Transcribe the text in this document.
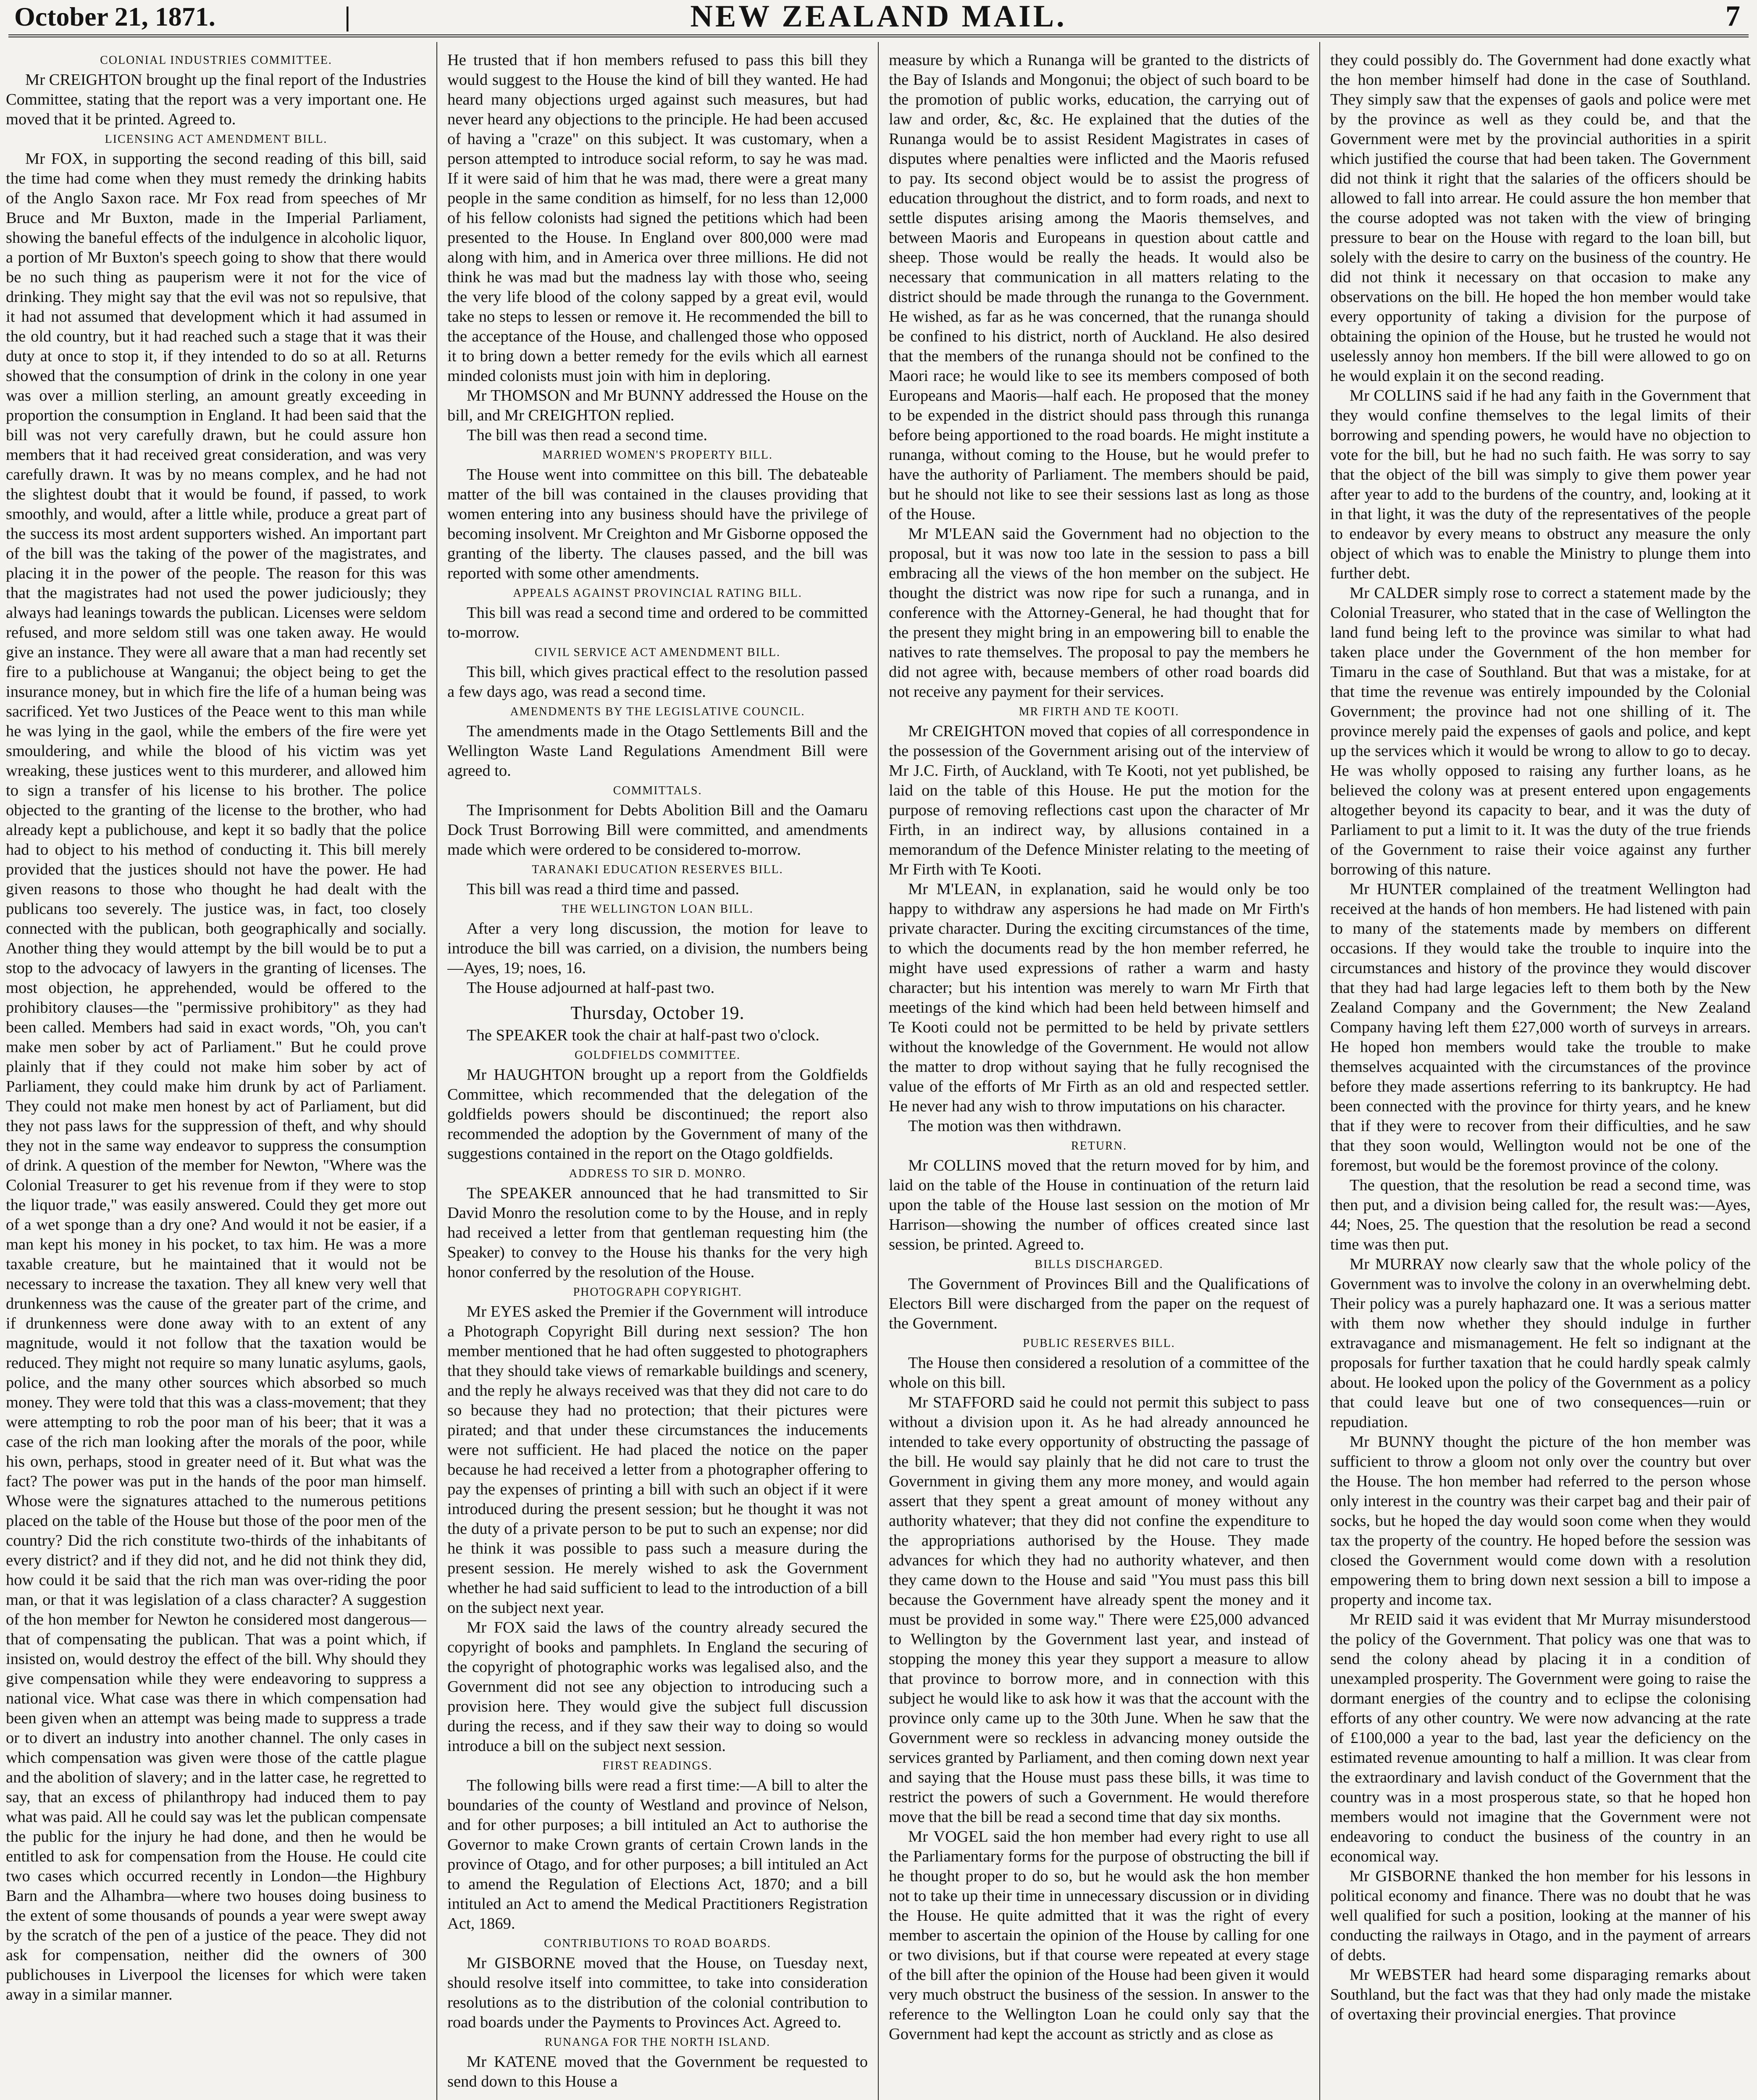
October 21, 1871.	|	NEW ZEALAND MAIL.	7
COLONIAL INDUSTRIES COMMITTEE.

Mr CREIGHTON brought up the final report of the Industries Committee, stating that the report was a very important one. He moved that it be printed. Agreed to.

LICENSING ACT AMENDMENT BILL.

Mr FOX, in supporting the second reading of this bill, said the time had come when they must remedy the drinking habits of the Anglo Saxon race. Mr Fox read from speeches of Mr Bruce and Mr Buxton, made in the Imperial Parliament, showing the baneful effects of the indulgence in alcoholic liquor, a portion of Mr Buxton's speech going to show that there would be no such thing as pauperism were it not for the vice of drinking. They might say that the evil was not so repulsive, that it had not assumed that development which it had assumed in the old country, but it had reached such a stage that it was their duty at once to stop it, if they intended to do so at all. Returns showed that the consumption of drink in the colony in one year was over a million sterling, an amount greatly exceeding in proportion the consumption in England. It had been said that the bill was not very carefully drawn, but he could assure hon members that it had received great consideration, and was very carefully drawn. It was by no means complex, and he had not the slightest doubt that it would be found, if passed, to work smoothly, and would, after a little while, produce a great part of the success its most ardent supporters wished. An important part of the bill was the taking of the power of the magistrates, and placing it in the power of the people. The reason for this was that the magistrates had not used the power judiciously; they always had leanings towards the publican. Licenses were seldom refused, and more seldom still was one taken away. He would give an instance. They were all aware that a man had recently set fire to a publichouse at Wanganui; the object being to get the insurance money, but in which fire the life of a human being was sacrificed. Yet two Justices of the Peace went to this man while he was lying in the gaol, while the embers of the fire were yet smouldering, and while the blood of his victim was yet wreaking, these justices went to this murderer, and allowed him to sign a transfer of his license to his brother. The police objected to the granting of the license to the brother, who had already kept a publichouse, and kept it so badly that the police had to object to his method of conducting it. This bill merely provided that the justices should not have the power. He had given reasons to those who thought he had dealt with the publicans too severely. The justice was, in fact, too closely connected with the publican, both geographically and socially. Another thing they would attempt by the bill would be to put a stop to the advocacy of lawyers in the granting of licenses. The most objection, he apprehended, would be offered to the prohibitory clauses—the "permissive prohibitory" as they had been called. Members had said in exact words, "Oh, you can't make men sober by act of Parliament." But he could prove plainly that if they could not make him sober by act of Parliament, they could make him drunk by act of Parliament. They could not make men honest by act of Parliament, but did they not pass laws for the suppression of theft, and why should they not in the same way endeavor to suppress the consumption of drink. A question of the member for Newton, "Where was the Colonial Treasurer to get his revenue from if they were to stop the liquor trade," was easily answered. Could they get more out of a wet sponge than a dry one? And would it not be easier, if a man kept his money in his pocket, to tax him. He was a more taxable creature, but he maintained that it would not be necessary to increase the taxation. They all knew very well that drunkenness was the cause of the greater part of the crime, and if drunkenness were done away with to an extent of any magnitude, would it not follow that the taxation would be reduced. They might not require so many lunatic asylums, gaols, police, and the many other sources which absorbed so much money. They were told that this was a class-movement; that they were attempting to rob the poor man of his beer; that it was a case of the rich man looking after the morals of the poor, while his own, perhaps, stood in greater need of it. But what was the fact? The power was put in the hands of the poor man himself. Whose were the signatures attached to the numerous petitions placed on the table of the House but those of the poor men of the country? Did the rich constitute two-thirds of the inhabitants of every district? and if they did not, and he did not think they did, how could it be said that the rich man was over-riding the poor man, or that it was legislation of a class character? A suggestion of the hon member for Newton he considered most dangerous—that of compensating the publican. That was a point which, if insisted on, would destroy the effect of the bill. Why should they give compensation while they were endeavoring to suppress a national vice. What case was there in which compensation had been given when an attempt was being made to suppress a trade or to divert an industry into another channel. The only cases in which compensation was given were those of the cattle plague and the abolition of slavery; and in the latter case, he regretted to say, that an excess of philanthropy had induced them to pay what was paid. All he could say was let the publican compensate the public for the injury he had done, and then he would be entitled to ask for compensation from the House. He could cite two cases which occurred recently in London—the Highbury Barn and the Alhambra—where two houses doing business to the extent of some thousands of pounds a year were swept away by the scratch of the pen of a justice of the peace. They did not ask for compensation, neither did the owners of 300 publichouses in Liverpool the licenses for which were taken away in a similar manner.

He trusted that if hon members refused to pass this bill they would suggest to the House the kind of bill they wanted. He had heard many objections urged against such measures, but had never heard any objections to the principle. He had been accused of having a "craze" on this subject. It was customary, when a person attempted to introduce social reform, to say he was mad. If it were said of him that he was mad, there were a great many people in the same condition as himself, for no less than 12,000 of his fellow colonists had signed the petitions which had been presented to the House. In England over 800,000 were mad along with him, and in America over three millions. He did not think he was mad but the madness lay with those who, seeing the very life blood of the colony sapped by a great evil, would take no steps to lessen or remove it. He recommended the bill to the acceptance of the House, and challenged those who opposed it to bring down a better remedy for the evils which all earnest minded colonists must join with him in deploring.

Mr THOMSON and Mr BUNNY addressed the House on the bill, and Mr CREIGHTON replied.

The bill was then read a second time.

MARRIED WOMEN'S PROPERTY BILL.

The House went into committee on this bill. The debateable matter of the bill was contained in the clauses providing that women entering into any business should have the privilege of becoming insolvent. Mr Creighton and Mr Gisborne opposed the granting of the liberty. The clauses passed, and the bill was reported with some other amendments.

APPEALS AGAINST PROVINCIAL RATING BILL.

This bill was read a second time and ordered to be committed to-morrow.

CIVIL SERVICE ACT AMENDMENT BILL.

This bill, which gives practical effect to the resolution passed a few days ago, was read a second time.

AMENDMENTS BY THE LEGISLATIVE COUNCIL.

The amendments made in the Otago Settlements Bill and the Wellington Waste Land Regulations Amendment Bill were agreed to.

COMMITTALS.

The Imprisonment for Debts Abolition Bill and the Oamaru Dock Trust Borrowing Bill were committed, and amendments made which were ordered to be considered to-morrow.

TARANAKI EDUCATION RESERVES BILL.

This bill was read a third time and passed.

THE WELLINGTON LOAN BILL.

After a very long discussion, the motion for leave to introduce the bill was carried, on a division, the numbers being—Ayes, 19; noes, 16.

The House adjourned at half-past two.

Thursday, October 19.

The SPEAKER took the chair at half-past two o'clock.

GOLDFIELDS COMMITTEE.

Mr HAUGHTON brought up a report from the Goldfields Committee, which recommended that the delegation of the goldfields powers should be discontinued; the report also recommended the adoption by the Government of many of the suggestions contained in the report on the Otago goldfields.

ADDRESS TO SIR D. MONRO.

The SPEAKER announced that he had transmitted to Sir David Monro the resolution come to by the House, and in reply had received a letter from that gentleman requesting him (the Speaker) to convey to the House his thanks for the very high honor conferred by the resolution of the House.

PHOTOGRAPH COPYRIGHT.

Mr EYES asked the Premier if the Government will introduce a Photograph Copyright Bill during next session? The hon member mentioned that he had often suggested to photographers that they should take views of remarkable buildings and scenery, and the reply he always received was that they did not care to do so because they had no protection; that their pictures were pirated; and that under these circumstances the inducements were not sufficient. He had placed the notice on the paper because he had received a letter from a photographer offering to pay the expenses of printing a bill with such an object if it were introduced during the present session; but he thought it was not the duty of a private person to be put to such an expense; nor did he think it was possible to pass such a measure during the present session. He merely wished to ask the Government whether he had said sufficient to lead to the introduction of a bill on the subject next year.

Mr FOX said the laws of the country already secured the copyright of books and pamphlets. In England the securing of the copyright of photographic works was legalised also, and the Government did not see any objection to introducing such a provision here. They would give the subject full discussion during the recess, and if they saw their way to doing so would introduce a bill on the subject next session.

FIRST READINGS.

The following bills were read a first time:—A bill to alter the boundaries of the county of Westland and province of Nelson, and for other purposes; a bill intituled an Act to authorise the Governor to make Crown grants of certain Crown lands in the province of Otago, and for other purposes; a bill intituled an Act to amend the Regulation of Elections Act, 1870; and a bill intituled an Act to amend the Medical Practitioners Registration Act, 1869.

CONTRIBUTIONS TO ROAD BOARDS.

Mr GISBORNE moved that the House, on Tuesday next, should resolve itself into committee, to take into consideration resolutions as to the distribution of the colonial contribution to road boards under the Payments to Provinces Act. Agreed to.

RUNANGA FOR THE NORTH ISLAND.

Mr KATENE moved that the Government be requested to send down to this House a

measure by which a Runanga will be granted to the districts of the Bay of Islands and Mongonui; the object of such board to be the promotion of public works, education, the carrying out of law and order, &c, &c. He explained that the duties of the Runanga would be to assist Resident Magistrates in cases of disputes where penalties were inflicted and the Maoris refused to pay. Its second object would be to assist the progress of education throughout the district, and to form roads, and next to settle disputes arising among the Maoris themselves, and between Maoris and Europeans in question about cattle and sheep. Those would be really the heads. It would also be necessary that communication in all matters relating to the district should be made through the runanga to the Government. He wished, as far as he was concerned, that the runanga should be confined to his district, north of Auckland. He also desired that the members of the runanga should not be confined to the Maori race; he would like to see its members composed of both Europeans and Maoris—half each. He proposed that the money to be expended in the district should pass through this runanga before being apportioned to the road boards. He might institute a runanga, without coming to the House, but he would prefer to have the authority of Parliament. The members should be paid, but he should not like to see their sessions last as long as those of the House.

Mr M'LEAN said the Government had no objection to the proposal, but it was now too late in the session to pass a bill embracing all the views of the hon member on the subject. He thought the district was now ripe for such a runanga, and in conference with the Attorney-General, he had thought that for the present they might bring in an empowering bill to enable the natives to rate themselves. The proposal to pay the members he did not agree with, because members of other road boards did not receive any payment for their services.

MR FIRTH AND TE KOOTI.

Mr CREIGHTON moved that copies of all correspondence in the possession of the Government arising out of the interview of Mr J.C. Firth, of Auckland, with Te Kooti, not yet published, be laid on the table of this House. He put the motion for the purpose of removing reflections cast upon the character of Mr Firth, in an indirect way, by allusions contained in a memorandum of the Defence Minister relating to the meeting of Mr Firth with Te Kooti.

Mr M'LEAN, in explanation, said he would only be too happy to withdraw any aspersions he had made on Mr Firth's private character. During the exciting circumstances of the time, to which the documents read by the hon member referred, he might have used expressions of rather a warm and hasty character; but his intention was merely to warn Mr Firth that meetings of the kind which had been held between himself and Te Kooti could not be permitted to be held by private settlers without the knowledge of the Government. He would not allow the matter to drop without saying that he fully recognised the value of the efforts of Mr Firth as an old and respected settler. He never had any wish to throw imputations on his character.

The motion was then withdrawn.

RETURN.

Mr COLLINS moved that the return moved for by him, and laid on the table of the House in continuation of the return laid upon the table of the House last session on the motion of Mr Harrison—showing the number of offices created since last session, be printed. Agreed to.

BILLS DISCHARGED.

The Government of Provinces Bill and the Qualifications of Electors Bill were discharged from the paper on the request of the Government.

PUBLIC RESERVES BILL.

The House then considered a resolution of a committee of the whole on this bill.

Mr STAFFORD said he could not permit this subject to pass without a division upon it. As he had already announced he intended to take every opportunity of obstructing the passage of the bill. He would say plainly that he did not care to trust the Government in giving them any more money, and would again assert that they spent a great amount of money without any authority whatever; that they did not confine the expenditure to the appropriations authorised by the House. They made advances for which they had no authority whatever, and then they came down to the House and said "You must pass this bill because the Government have already spent the money and it must be provided in some way." There were £25,000 advanced to Wellington by the Government last year, and instead of stopping the money this year they support a measure to allow that province to borrow more, and in connection with this subject he would like to ask how it was that the account with the province only came up to the 30th June. When he saw that the Government were so reckless in advancing money outside the services granted by Parliament, and then coming down next year and saying that the House must pass these bills, it was time to restrict the powers of such a Government. He would therefore move that the bill be read a second time that day six months.

Mr VOGEL said the hon member had every right to use all the Parliamentary forms for the purpose of obstructing the bill if he thought proper to do so, but he would ask the hon member not to take up their time in unnecessary discussion or in dividing the House. He quite admitted that it was the right of every member to ascertain the opinion of the House by calling for one or two divisions, but if that course were repeated at every stage of the bill after the opinion of the House had been given it would very much obstruct the business of the session. In answer to the reference to the Wellington Loan he could only say that the Government had kept the account as strictly and as close as

they could possibly do. The Government had done exactly what the hon member himself had done in the case of Southland. They simply saw that the expenses of gaols and police were met by the province as well as they could be, and that the Government were met by the provincial authorities in a spirit which justified the course that had been taken. The Government did not think it right that the salaries of the officers should be allowed to fall into arrear. He could assure the hon member that the course adopted was not taken with the view of bringing pressure to bear on the House with regard to the loan bill, but solely with the desire to carry on the business of the country. He did not think it necessary on that occasion to make any observations on the bill. He hoped the hon member would take every opportunity of taking a division for the purpose of obtaining the opinion of the House, but he trusted he would not uselessly annoy hon members. If the bill were allowed to go on he would explain it on the second reading.

Mr COLLINS said if he had any faith in the Government that they would confine themselves to the legal limits of their borrowing and spending powers, he would have no objection to vote for the bill, but he had no such faith. He was sorry to say that the object of the bill was simply to give them power year after year to add to the burdens of the country, and, looking at it in that light, it was the duty of the representatives of the people to endeavor by every means to obstruct any measure the only object of which was to enable the Ministry to plunge them into further debt.

Mr CALDER simply rose to correct a statement made by the Colonial Treasurer, who stated that in the case of Wellington the land fund being left to the province was similar to what had taken place under the Government of the hon member for Timaru in the case of Southland. But that was a mistake, for at that time the revenue was entirely impounded by the Colonial Government; the province had not one shilling of it. The province merely paid the expenses of gaols and police, and kept up the services which it would be wrong to allow to go to decay. He was wholly opposed to raising any further loans, as he believed the colony was at present entered upon engagements altogether beyond its capacity to bear, and it was the duty of Parliament to put a limit to it. It was the duty of the true friends of the Government to raise their voice against any further borrowing of this nature.

Mr HUNTER complained of the treatment Wellington had received at the hands of hon members. He had listened with pain to many of the statements made by members on different occasions. If they would take the trouble to inquire into the circumstances and history of the province they would discover that they had had large legacies left to them both by the New Zealand Company and the Government; the New Zealand Company having left them £27,000 worth of surveys in arrears. He hoped hon members would take the trouble to make themselves acquainted with the circumstances of the province before they made assertions referring to its bankruptcy. He had been connected with the province for thirty years, and he knew that if they were to recover from their difficulties, and he saw that they soon would, Wellington would not be one of the foremost, but would be the foremost province of the colony.

The question, that the resolution be read a second time, was then put, and a division being called for, the result was:—Ayes, 44; Noes, 25. The question that the resolution be read a second time was then put.

Mr MURRAY now clearly saw that the whole policy of the Government was to involve the colony in an overwhelming debt. Their policy was a purely haphazard one. It was a serious matter with them now whether they should indulge in further extravagance and mismanagement. He felt so indignant at the proposals for further taxation that he could hardly speak calmly about. He looked upon the policy of the Government as a policy that could leave but one of two consequences—ruin or repudiation.

Mr BUNNY thought the picture of the hon member was sufficient to throw a gloom not only over the country but over the House. The hon member had referred to the person whose only interest in the country was their carpet bag and their pair of socks, but he hoped the day would soon come when they would tax the property of the country. He hoped before the session was closed the Government would come down with a resolution empowering them to bring down next session a bill to impose a property and income tax.

Mr REID said it was evident that Mr Murray misunderstood the policy of the Government. That policy was one that was to send the colony ahead by placing it in a condition of unexampled prosperity. The Government were going to raise the dormant energies of the country and to eclipse the colonising efforts of any other country. We were now advancing at the rate of £100,000 a year to the bad, last year the deficiency on the estimated revenue amounting to half a million. It was clear from the extraordinary and lavish conduct of the Government that the country was in a most prosperous state, so that he hoped hon members would not imagine that the Government were not endeavoring to conduct the business of the country in an economical way.

Mr GISBORNE thanked the hon member for his lessons in political economy and finance. There was no doubt that he was well qualified for such a position, looking at the manner of his conducting the railways in Otago, and in the payment of arrears of debts.

Mr WEBSTER had heard some disparaging remarks about Southland, but the fact was that they had only made the mistake of overtaxing their provincial energies. That province
